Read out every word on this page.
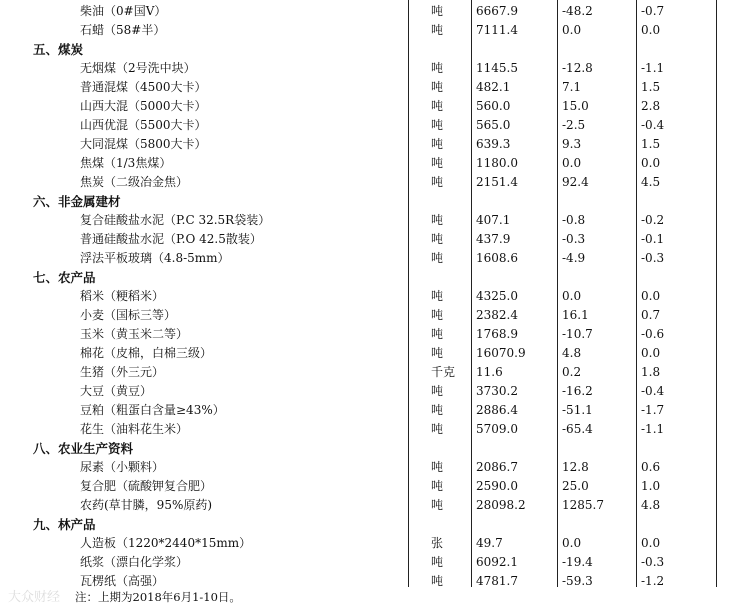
柴油（0#国Ⅴ）	吨	6667.9	-48.2	-0.7
石蜡（58#半）	吨	7111.4	0.0	0.0
五、煤炭
无烟煤（2号洗中块）	吨	1145.5	-12.8	-1.1
普通混煤（4500大卡）	吨	482.1	7.1	1.5
山西大混（5000大卡）	吨	560.0	15.0	2.8
山西优混（5500大卡）	吨	565.0	-2.5	-0.4
大同混煤（5800大卡）	吨	639.3	9.3	1.5
焦煤（1/3焦煤）	吨	1180.0	0.0	0.0
焦炭（二级冶金焦）	吨	2151.4	92.4	4.5
六、非金属建材
复合硅酸盐水泥（P.C 32.5R袋装）	吨	407.1	-0.8	-0.2
普通硅酸盐水泥（P.O 42.5散装）	吨	437.9	-0.3	-0.1
浮法平板玻璃（4.8-5mm）	吨	1608.6	-4.9	-0.3
七、农产品
稻米（粳稻米）	吨	4325.0	0.0	0.0
小麦（国标三等）	吨	2382.4	16.1	0.7
玉米（黄玉米二等）	吨	1768.9	-10.7	-0.6
棉花（皮棉，白棉三级）	吨	16070.9	4.8	0.0
生猪（外三元）	千克 11.6	0.2	1.8
大豆（黄豆）	吨	3730.2	-16.2	-0.4
豆粕（粗蛋白含量≥43%）	吨	2886.4	-51.1	-1.7
花生（油料花生米）	吨	5709.0	-65.4	-1.1
八、农业生产资料
尿素（小颗料）	吨	2086.7	12.8	0.6
复合肥（硫酸钾复合肥）	吨	2590.0	25.0	1.0
农药(草甘膦，95%原药)	吨	28098.2	1285.7	4.8
九、林产品
人造板（1220*2440*15mm）	张	49.7	0.0	0.0
纸浆（漂白化学浆）	吨	6092.1	-19.4	-0.3
瓦楞纸（高强）	吨	4781.7	-59.3	-1.2
大众财经 注：上期为2018年6月1-10日。
